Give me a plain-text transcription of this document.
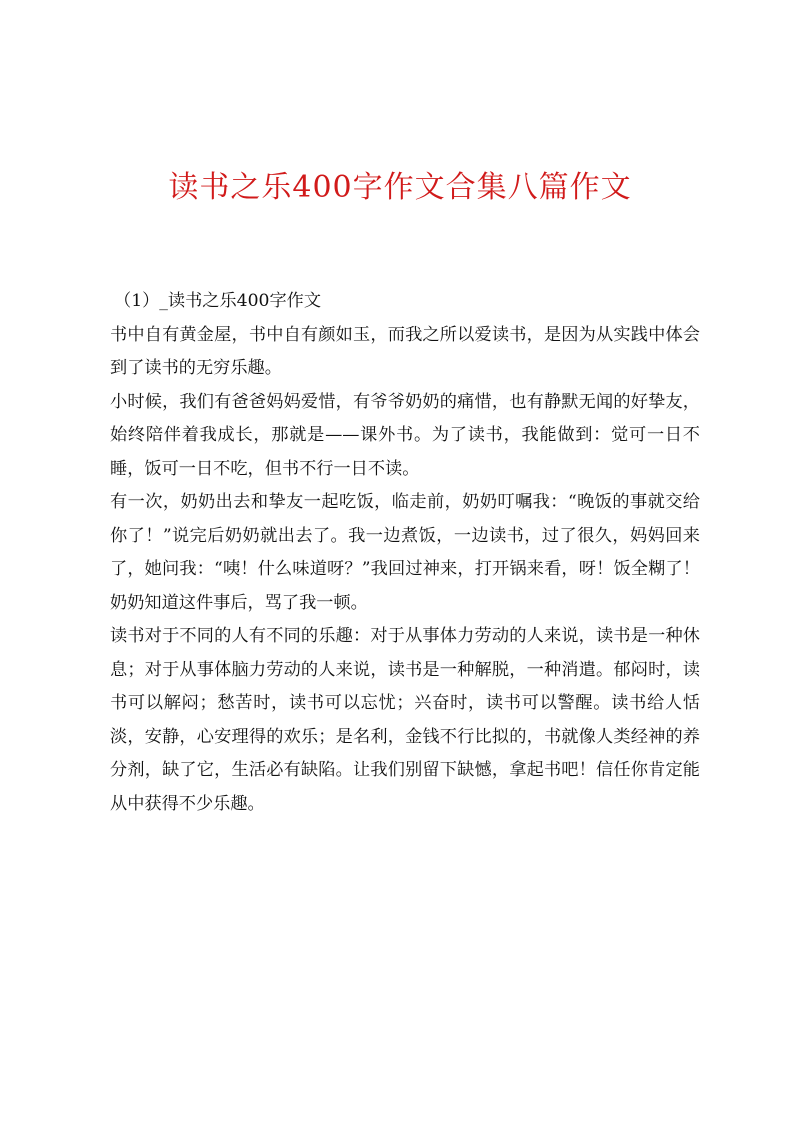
读书之乐400字作文合集八篇作文

（1）_读书之乐400字作文

书中自有黄金屋，书中自有颜如玉，而我之所以爱读书，是因为从实践中体会到了读书的无穷乐趣。

小时候，我们有爸爸妈妈爱惜，有爷爷奶奶的痛惜，也有静默无闻的好挚友，始终陪伴着我成长，那就是——课外书。为了读书，我能做到：觉可一日不睡，饭可一日不吃，但书不行一日不读。

有一次，奶奶出去和挚友一起吃饭，临走前，奶奶叮嘱我：“晚饭的事就交给你了！”说完后奶奶就出去了。我一边煮饭，一边读书，过了很久，妈妈回来了，她问我：“咦！什么味道呀？”我回过神来，打开锅来看，呀！饭全糊了！奶奶知道这件事后，骂了我一顿。

读书对于不同的人有不同的乐趣：对于从事体力劳动的人来说，读书是一种休息；对于从事体脑力劳动的人来说，读书是一种解脱，一种消遣。郁闷时，读书可以解闷；愁苦时，读书可以忘忧；兴奋时，读书可以警醒。读书给人恬淡，安静，心安理得的欢乐；是名利，金钱不行比拟的，书就像人类经神的养分剂，缺了它，生活必有缺陷。让我们别留下缺憾，拿起书吧！信任你肯定能从中获得不少乐趣。
